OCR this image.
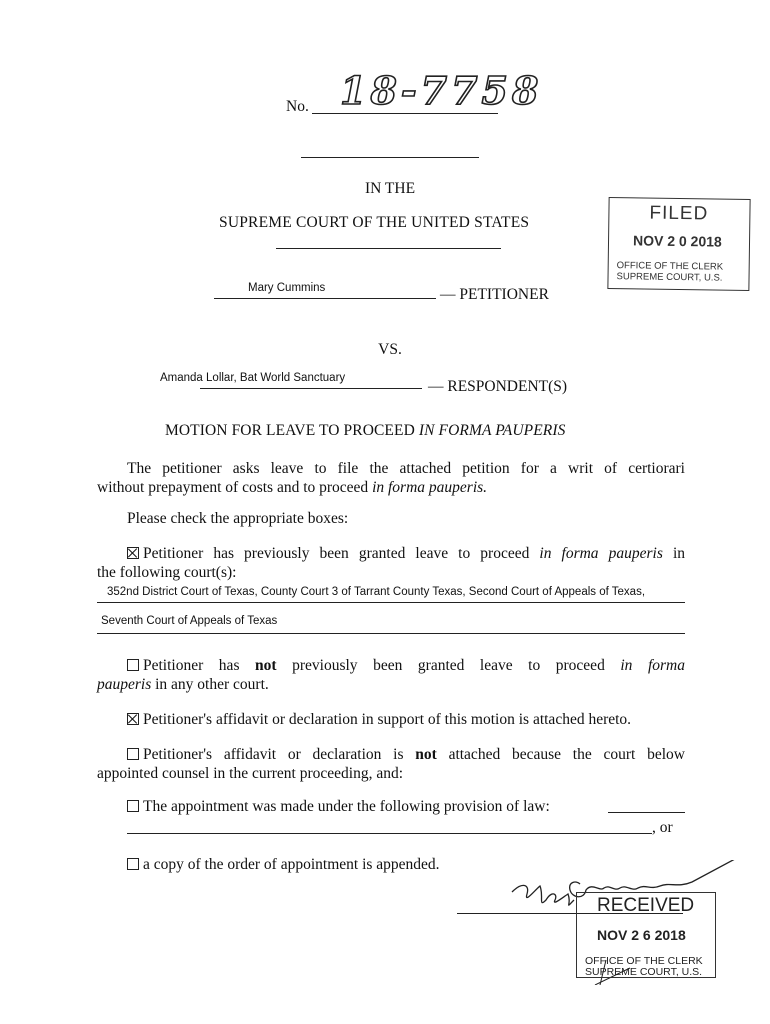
No. 18-7758
IN THE
SUPREME COURT OF THE UNITED STATES
Mary Cummins	— PETITIONER
VS.
Amanda Lollar, Bat World Sanctuary	— RESPONDENT(S)
MOTION FOR LEAVE TO PROCEED IN FORMA PAUPERIS
The petitioner asks leave to file the attached petition for a writ of certiorari
without prepayment of costs and to proceed in forma pauperis.
Please check the appropriate boxes:
Petitioner has previously been granted leave to proceed in forma pauperis in
the following court(s):
352nd District Court of Texas, County Court 3 of Tarrant County Texas, Second Court of Appeals of Texas,
Seventh Court of Appeals of Texas
Petitioner has not previously been granted leave to proceed in forma
pauperis in any other court.
Petitioner's affidavit or declaration in support of this motion is attached hereto.
Petitioner's affidavit or declaration is not attached because the court below
appointed counsel in the current proceeding, and:
The appointment was made under the following provision of law:
, or
a copy of the order of appointment is appended.
FILED
NOV 2 0 2018
OFFICE OF THE CLERK
SUPREME COURT, U.S.
RECEIVED
NOV 2 6 2018
OFFICE OF THE CLERK
SUPREME COURT, U.S.
